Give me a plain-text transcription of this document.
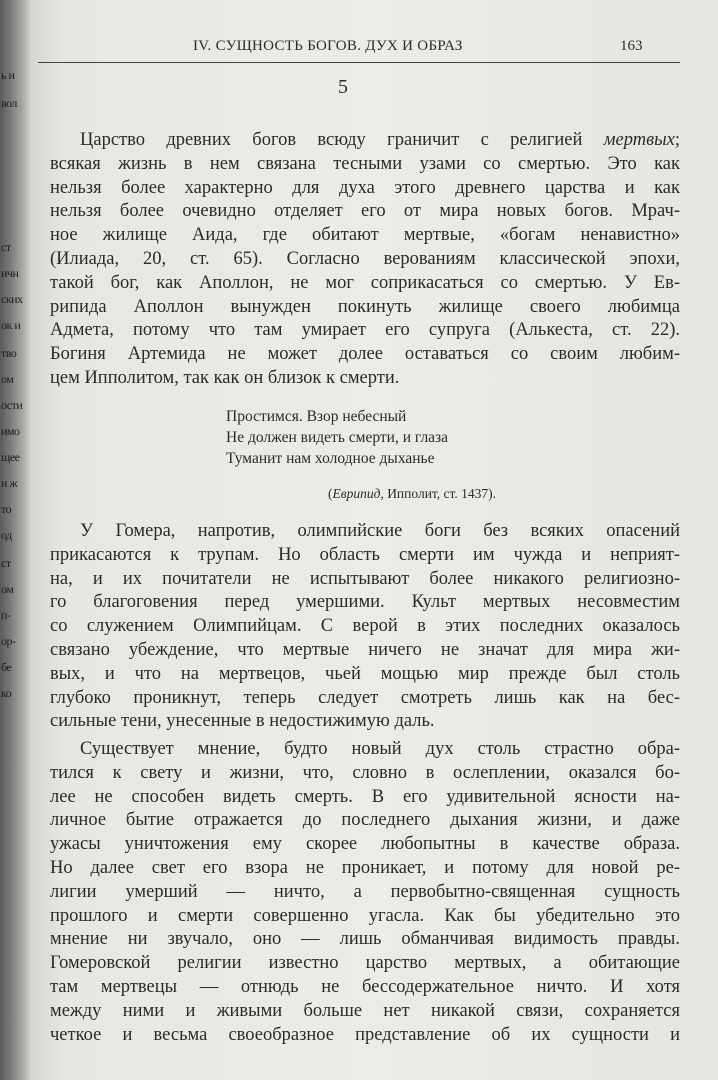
ь и
вол
ст
ичн
ских
ок и
тво
ом
ости
имо
щее
и ж
то
од
ст
ом
п-
ор-
бе
ко
IV. СУЩНОСТЬ БОГОВ. ДУХ И ОБРАЗ	163
5
Царство древних богов всюду граничит с религией мертвых;
всякая жизнь в нем связана тесными узами со смертью. Это как
нельзя более характерно для духа этого древнего царства и как
нельзя более очевидно отделяет его от мира новых богов. Мрач-
ное жилище Аида, где обитают мертвые, «богам ненавистно»
(Илиада, 20, ст. 65). Согласно верованиям классической эпохи,
такой бог, как Аполлон, не мог соприкасаться со смертью. У Ев-
рипида Аполлон вынужден покинуть жилище своего любимца
Адмета, потому что там умирает его супруга (Алькеста, ст. 22).
Богиня Артемида не может долее оставаться со своим любим-
цем Ипполитом, так как он близок к смерти.
Простимся. Взор небесный
Не должен видеть смерти, и глаза
Туманит нам холодное дыханье
(Еврипид, Ипполит, ст. 1437).
У Гомера, напротив, олимпийские боги без всяких опасений
прикасаются к трупам. Но область смерти им чужда и неприят-
на, и их почитатели не испытывают более никакого религиозно-
го благоговения перед умершими. Культ мертвых несовместим
со служением Олимпийцам. С верой в этих последних оказалось
связано убеждение, что мертвые ничего не значат для мира жи-
вых, и что на мертвецов, чьей мощью мир прежде был столь
глубоко проникнут, теперь следует смотреть лишь как на бес-
сильные тени, унесенные в недостижимую даль.
Существует мнение, будто новый дух столь страстно обра-
тился к свету и жизни, что, словно в ослеплении, оказался бо-
лее не способен видеть смерть. В его удивительной ясности на-
личное бытие отражается до последнего дыхания жизни, и даже
ужасы уничтожения ему скорее любопытны в качестве образа.
Но далее свет его взора не проникает, и потому для новой ре-
лигии умерший — ничто, а первобытно-священная сущность
прошлого и смерти совершенно угасла. Как бы убедительно это
мнение ни звучало, оно — лишь обманчивая видимость правды.
Гомеровской религии известно царство мертвых, а обитающие
там мертвецы — отнюдь не бессодержательное ничто. И хотя
между ними и живыми больше нет никакой связи, сохраняется
четкое и весьма своеобразное представление об их сущности и
